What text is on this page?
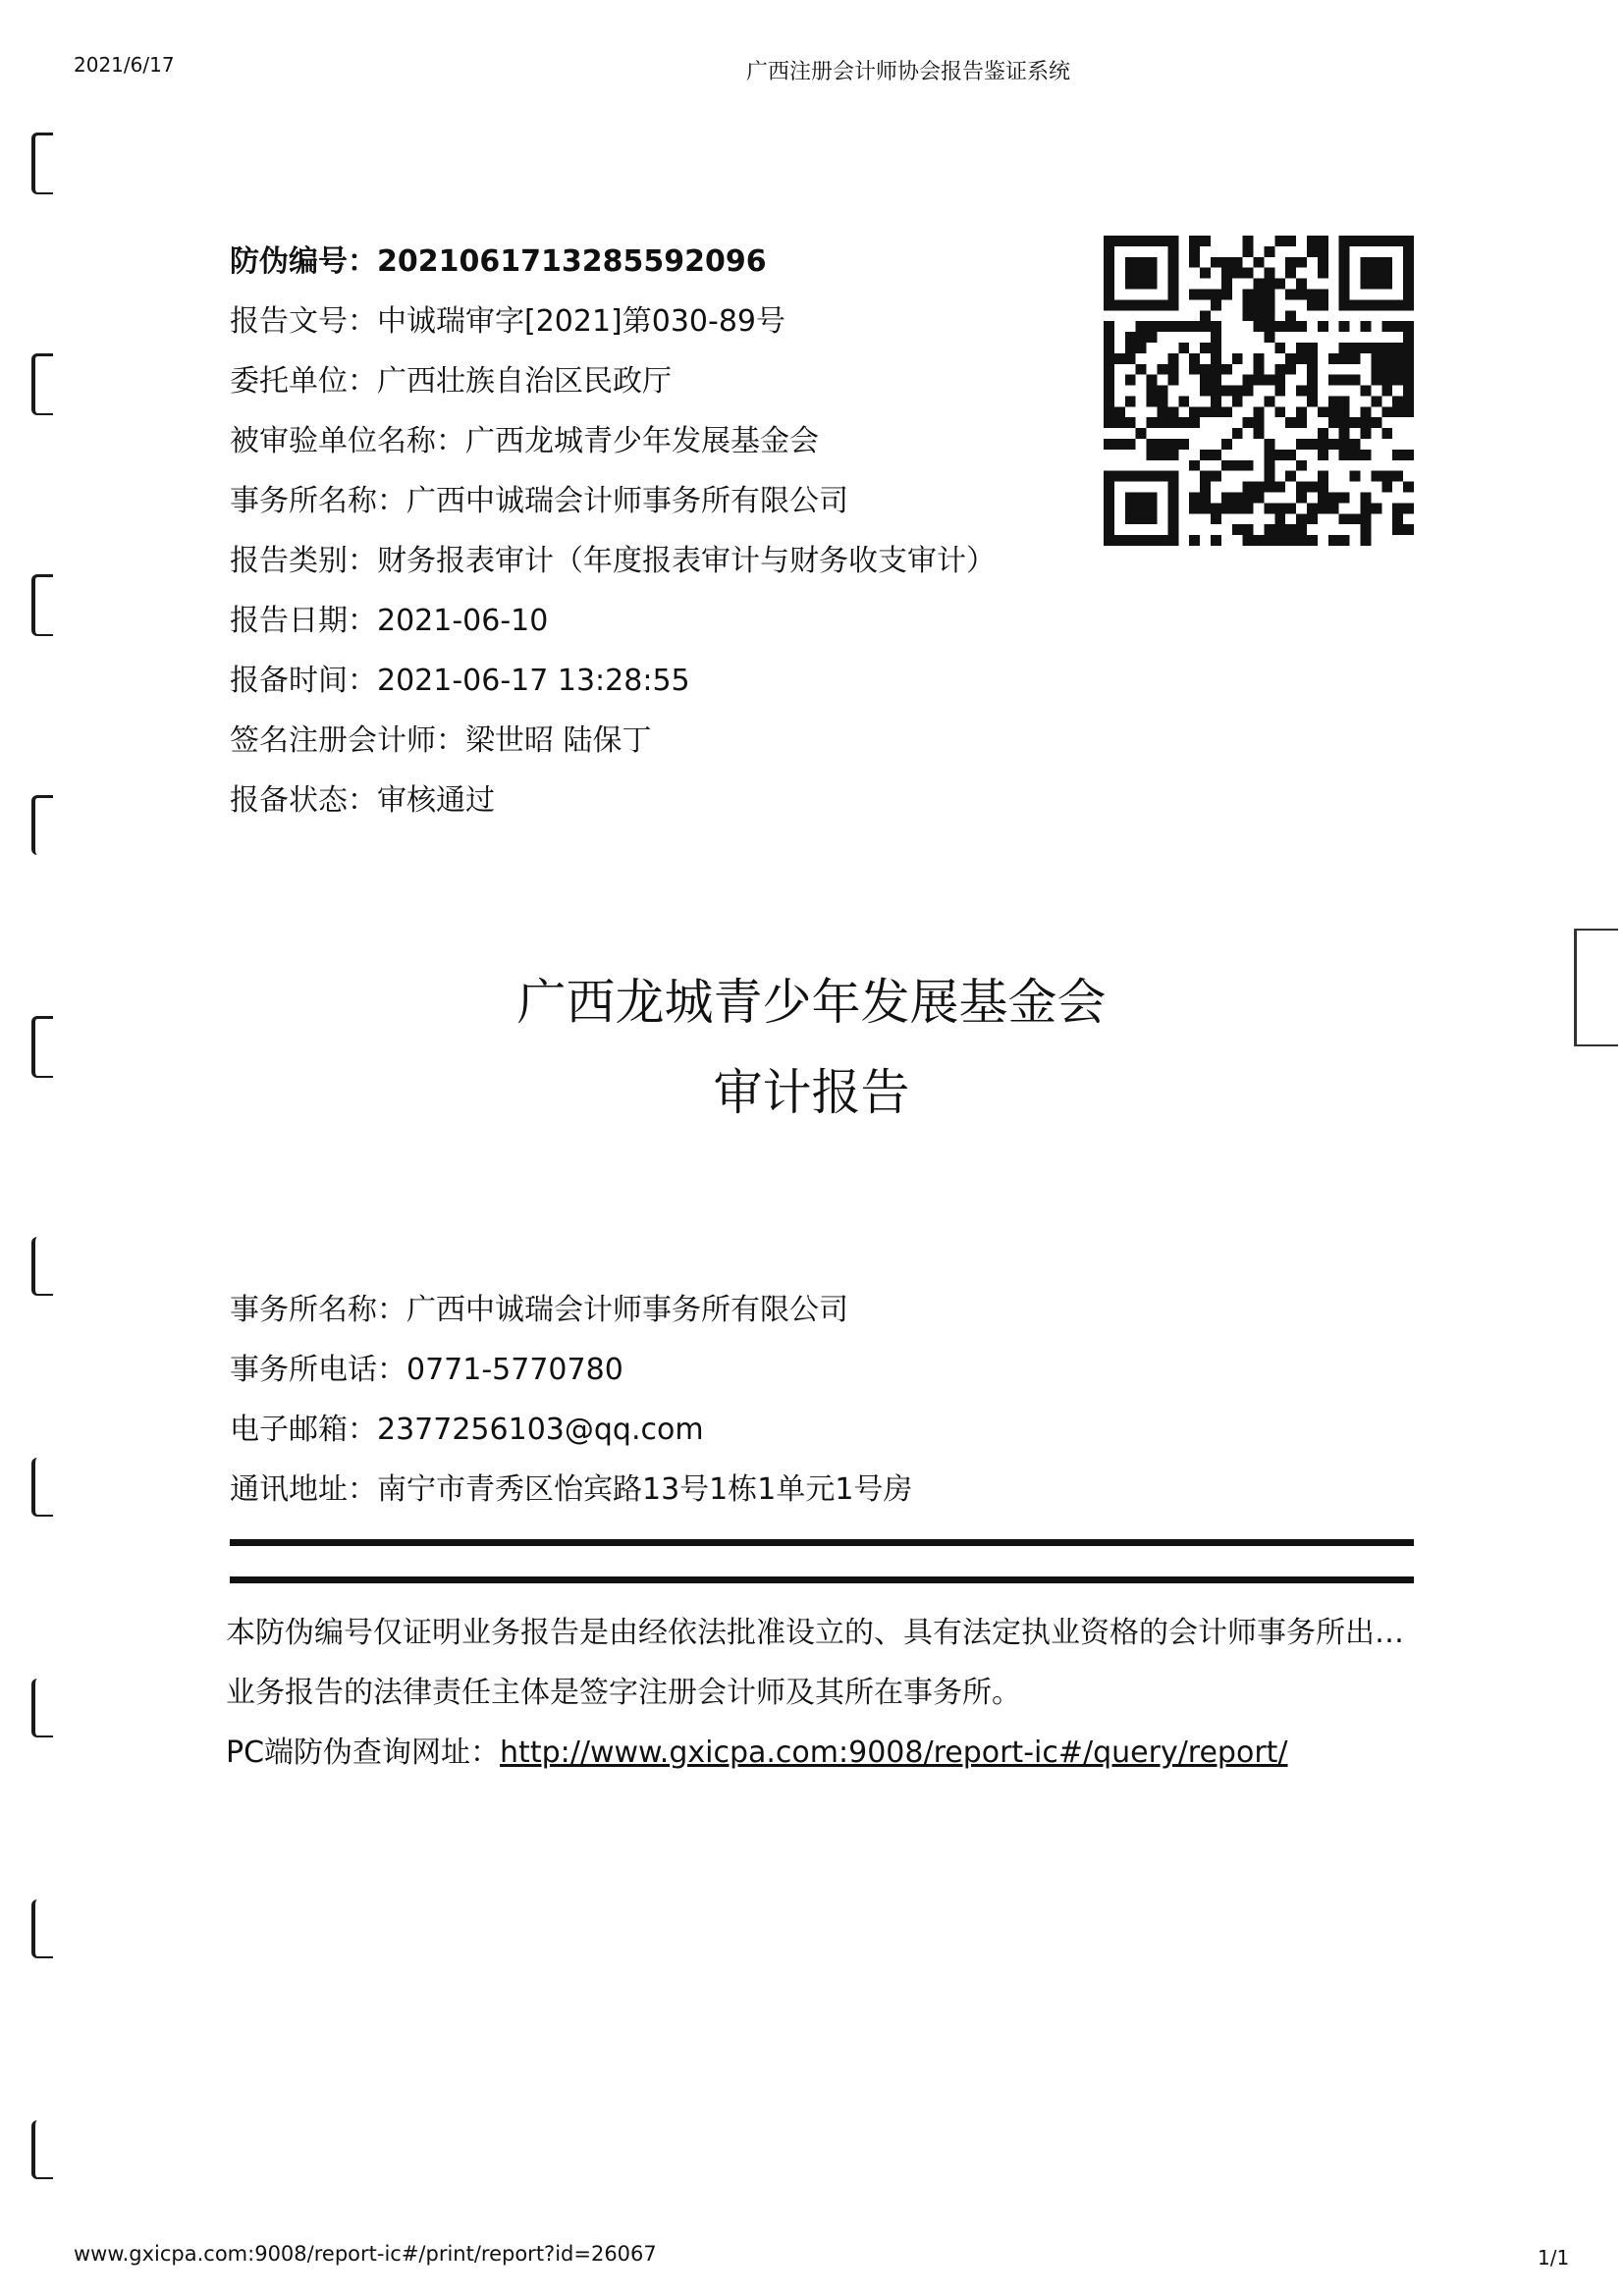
2021/6/17	广西注册会计师协会报告鉴证系统
防伪编号：2021061713285592096
报告文号：中诚瑞审字[2021]第030-89号
委托单位：广西壮族自治区民政厅
被审验单位名称：广西龙城青少年发展基金会
事务所名称：广西中诚瑞会计师事务所有限公司
报告类别：财务报表审计（年度报表审计与财务收支审计）
报告日期：2021-06-10
报备时间：2021-06-17 13:28:55
签名注册会计师：梁世昭 陆保丁
报备状态：审核通过
广西龙城青少年发展基金会
审计报告
事务所名称：广西中诚瑞会计师事务所有限公司
事务所电话：0771-5770780
电子邮箱：2377256103@qq.com
通讯地址：南宁市青秀区怡宾路13号1栋1单元1号房
本防伪编号仅证明业务报告是由经依法批准设立的、具有法定执业资格的会计师事务所出…
业务报告的法律责任主体是签字注册会计师及其所在事务所。
PC端防伪查询网址：http://www.gxicpa.com:9008/report-ic#/query/report/
www.gxicpa.com:9008/report-ic#/print/report?id=26067	1/1
